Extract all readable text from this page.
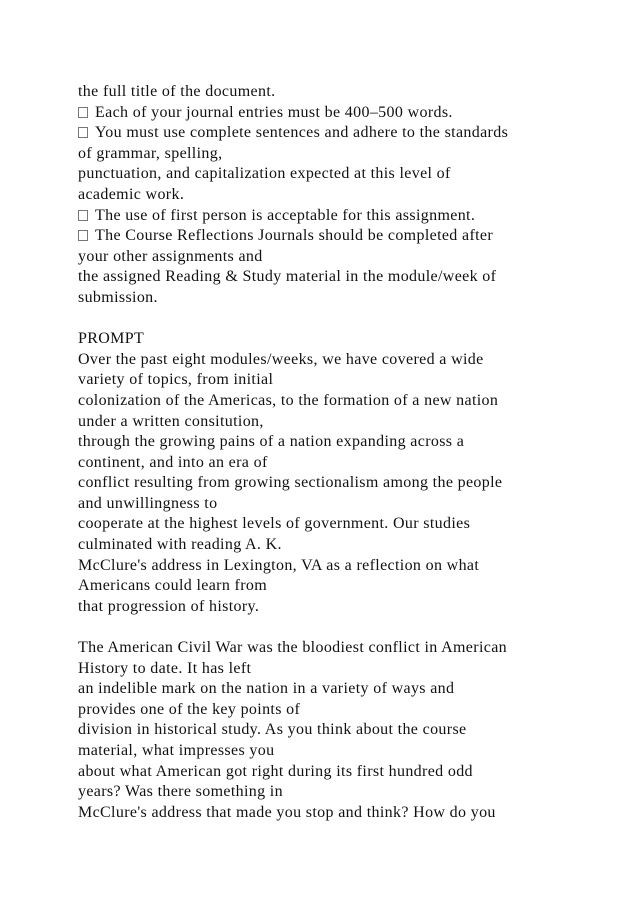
the full title of the document.
Each of your journal entries must be 400–500 words.
You must use complete sentences and adhere to the standards
of grammar, spelling,
punctuation, and capitalization expected at this level of
academic work.
The use of first person is acceptable for this assignment.
The Course Reflections Journals should be completed after
your other assignments and
the assigned Reading & Study material in the module/week of
submission.
PROMPT
Over the past eight modules/weeks, we have covered a wide
variety of topics, from initial
colonization of the Americas, to the formation of a new nation
under a written consitution,
through the growing pains of a nation expanding across a
continent, and into an era of
conflict resulting from growing sectionalism among the people
and unwillingness to
cooperate at the highest levels of government. Our studies
culminated with reading A. K.
McClure's address in Lexington, VA as a reflection on what
Americans could learn from
that progression of history.
The American Civil War was the bloodiest conflict in American
History to date. It has left
an indelible mark on the nation in a variety of ways and
provides one of the key points of
division in historical study. As you think about the course
material, what impresses you
about what American got right during its first hundred odd
years? Was there something in
McClure's address that made you stop and think? How do you
